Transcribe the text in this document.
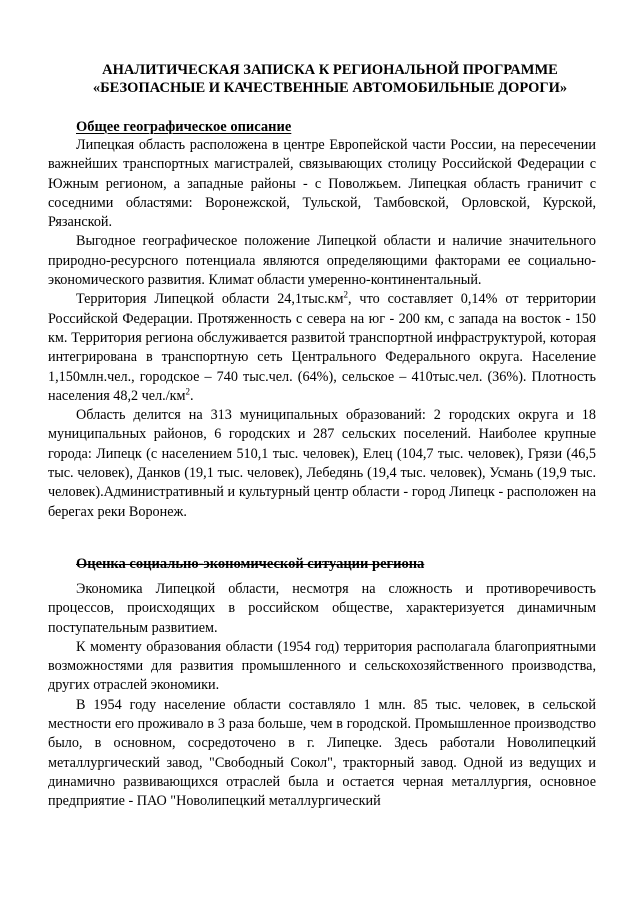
АНАЛИТИЧЕСКАЯ ЗАПИСКА К РЕГИОНАЛЬНОЙ ПРОГРАММЕ
«БЕЗОПАСНЫЕ И КАЧЕСТВЕННЫЕ АВТОМОБИЛЬНЫЕ ДОРОГИ»
Общее географическое описание

Липецкая область расположена в центре Европейской части России, на пересечении важнейших транспортных магистралей, связывающих столицу Российской Федерации с Южным регионом, а западные районы - с Поволжьем. Липецкая область граничит с соседними областями: Воронежской, Тульской, Тамбовской, Орловской, Курской, Рязанской.

Выгодное географическое положение Липецкой области и наличие значительного природно-ресурсного потенциала являются определяющими факторами ее социально-экономического развития. Климат области умеренно-континентальный.

Территория Липецкой области $24,1тыс.км^2$, что составляет 0,14% от территории Российской Федерации. Протяженность с севера на юг - 200 км, с запада на восток - 150 км. Территория региона обслуживается развитой транспортной инфраструктурой, которая интегрирована в транспортную сеть Центрального Федерального округа. Население 1,150млн.чел., городское – 740 тыс.чел. (64%), сельское – 410тыс.чел. (36%). Плотность населения 48,2 $чел./км^2$.

Область делится на 313 муниципальных образований: 2 городских округа и 18 муниципальных районов, 6 городских и 287 сельских поселений. Наиболее крупные города: Липецк (с населением 510,1 тыс. человек), Елец (104,7 тыс. человек), Грязи (46,5 тыс. человек), Данков (19,1 тыс. человек), Лебедянь (19,4 тыс. человек), Усмань (19,9 тыс. человек).Административный и культурный центр области - город Липецк - расположен на берегах реки Воронеж.

Оценка социально-экономической ситуации региона

Экономика Липецкой области, несмотря на сложность и противоречивость процессов, происходящих в российском обществе, характеризуется динамичным поступательным развитием.

К моменту образования области (1954 год) территория располагала благоприятными возможностями для развития промышленного и сельскохозяйственного производства, других отраслей экономики.

В 1954 году население области составляло 1 млн. 85 тыс. человек, в сельской местности его проживало в 3 раза больше, чем в городской. Промышленное производство было, в основном, сосредоточено в г. Липецке. Здесь работали Новолипецкий металлургический завод, "Свободный Сокол", тракторный завод. Одной из ведущих и динамично развивающихся отраслей была и остается черная металлургия, основное предприятие - ПАО "Новолипецкий металлургический
